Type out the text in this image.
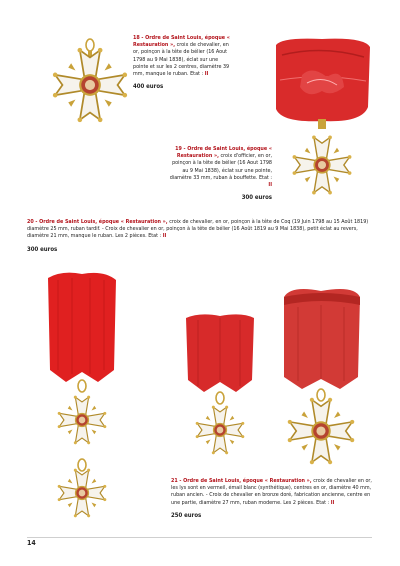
18 - Ordre de Saint Louis, époque « Restauration », croix de chevalier, en or, poinçon à la tête de bélier (16 Aout 1798 au 9 Mai 1838), éclat sur une pointe et sur les 2 centres, diamètre 39 mm, manque le ruban. Etat : II
400 euros
19 - Ordre de Saint Louis, époque « Restauration », croix d'officier, en or, poinçon à la tête de bélier (16 Aout 1798 au 9 Mai 1838), éclat sur une pointe, diamètre 33 mm, ruban à bouffette. Etat : II
300 euros
20 - Ordre de Saint Louis, époque « Restauration », croix de chevalier, en or, poinçon à la tête de Coq (19 Juin 1798 au 15 Août 1819) diamètre 25 mm, ruban tardif. - Croix de chevalier en or, poinçon à la tête de bélier (16 Août 1819 au 9 Mai 1838), petit éclat au revers, diamètre 21 mm, manque le ruban. Les 2 pièces. Etat : II
300 euros
21 - Ordre de Saint Louis, époque « Restauration », croix de chevalier en or, les lys sont en vermeil, émail blanc (synthétique), centres en or, diamètre 40 mm, ruban ancien. - Croix de chevalier en bronze doré, fabrication ancienne, centre en une partie, diamètre 27 mm, ruban moderne. Les 2 pièces. Etat : II
250 euros
14
